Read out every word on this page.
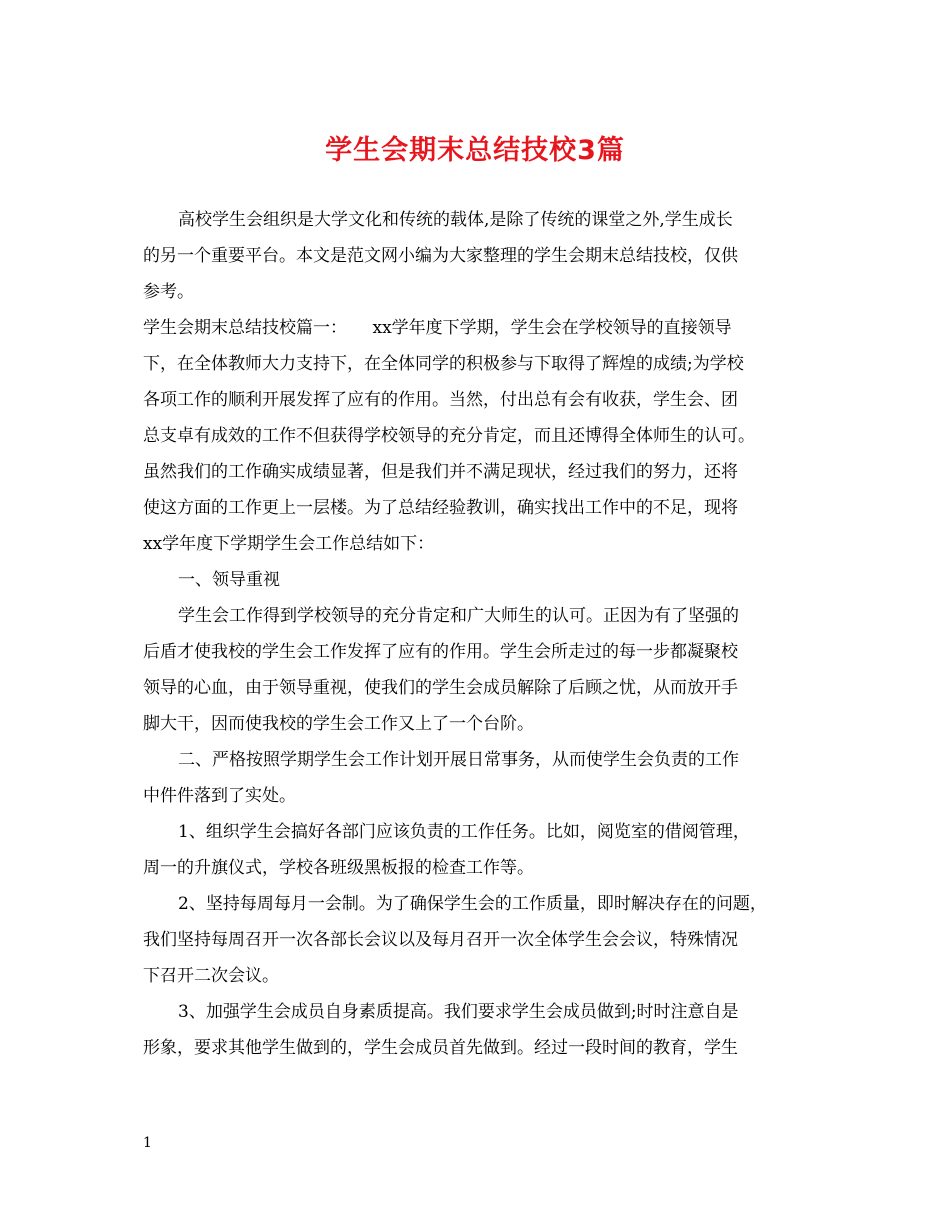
学生会期末总结技校3篇
高校学生会组织是大学文化和传统的载体,是除了传统的课堂之外,学生成长
的另一个重要平台。本文是范文网小编为大家整理的学生会期末总结技校，仅供
参考。
学生会期末总结技校篇一：　　xx学年度下学期，学生会在学校领导的直接领导
下，在全体教师大力支持下，在全体同学的积极参与下取得了辉煌的成绩;为学校
各项工作的顺利开展发挥了应有的作用。当然，付出总有会有收获，学生会、团
总支卓有成效的工作不但获得学校领导的充分肯定，而且还博得全体师生的认可。
虽然我们的工作确实成绩显著，但是我们并不满足现状，经过我们的努力，还将
使这方面的工作更上一层楼。为了总结经验教训，确实找出工作中的不足，现将
xx学年度下学期学生会工作总结如下：
一、领导重视
学生会工作得到学校领导的充分肯定和广大师生的认可。正因为有了坚强的
后盾才使我校的学生会工作发挥了应有的作用。学生会所走过的每一步都凝聚校
领导的心血，由于领导重视，使我们的学生会成员解除了后顾之忧，从而放开手
脚大干，因而使我校的学生会工作又上了一个台阶。
二、严格按照学期学生会工作计划开展日常事务，从而使学生会负责的工作
中件件落到了实处。
1、组织学生会搞好各部门应该负责的工作任务。比如，阅览室的借阅管理，
周一的升旗仪式，学校各班级黑板报的检查工作等。
2、坚持每周每月一会制。为了确保学生会的工作质量，即时解决存在的问题，
我们坚持每周召开一次各部长会议以及每月召开一次全体学生会会议，特殊情况
下召开二次会议。
3、加强学生会成员自身素质提高。我们要求学生会成员做到;时时注意自是
形象，要求其他学生做到的，学生会成员首先做到。经过一段时间的教育，学生
1
